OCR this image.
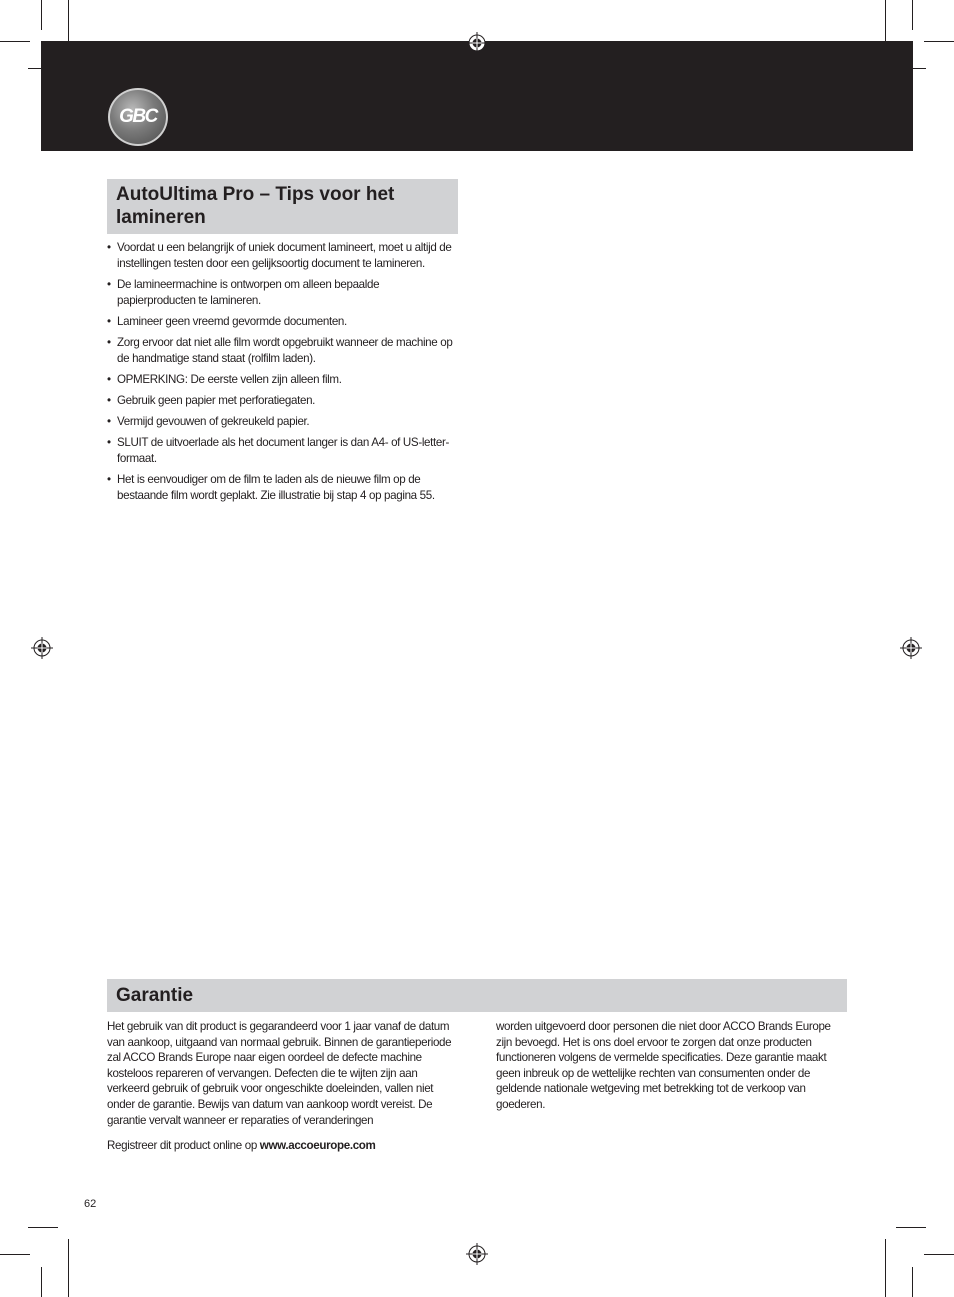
GBC
AutoUltima Pro – Tips voor het lamineren
• Voordat u een belangrijk of uniek document lamineert, moet u altijd de instellingen testen door een gelijksoortig document te lamineren.
• De lamineermachine is ontworpen om alleen bepaalde papierproducten te lamineren.
• Lamineer geen vreemd gevormde documenten.
• Zorg ervoor dat niet alle film wordt opgebruikt wanneer de machine op de handmatige stand staat (rolfilm laden).
• OPMERKING: De eerste vellen zijn alleen film.
• Gebruik geen papier met perforatiegaten.
• Vermijd gevouwen of gekreukeld papier.
• SLUIT de uitvoerlade als het document langer is dan A4- of US-letter-formaat.
• Het is eenvoudiger om de film te laden als de nieuwe film op de bestaande film wordt geplakt. Zie illustratie bij stap 4 op pagina 55.
Garantie

Het gebruik van dit product is gegarandeerd voor 1 jaar vanaf de datum van aankoop, uitgaand van normaal gebruik. Binnen de garantieperiode zal ACCO Brands Europe naar eigen oordeel de defecte machine kosteloos repareren of vervangen. Defecten die te wijten zijn aan verkeerd gebruik of gebruik voor ongeschikte doeleinden, vallen niet onder de garantie. Bewijs van datum van aankoop wordt vereist. De garantie vervalt wanneer er reparaties of veranderingen

worden uitgevoerd door personen die niet door ACCO Brands Europe zijn bevoegd. Het is ons doel ervoor te zorgen dat onze producten functioneren volgens de vermelde specificaties. Deze garantie maakt geen inbreuk op de wettelijke rechten van consumenten onder de geldende nationale wetgeving met betrekking tot de verkoop van goederen.

Registreer dit product online op www.accoeurope.com
62
